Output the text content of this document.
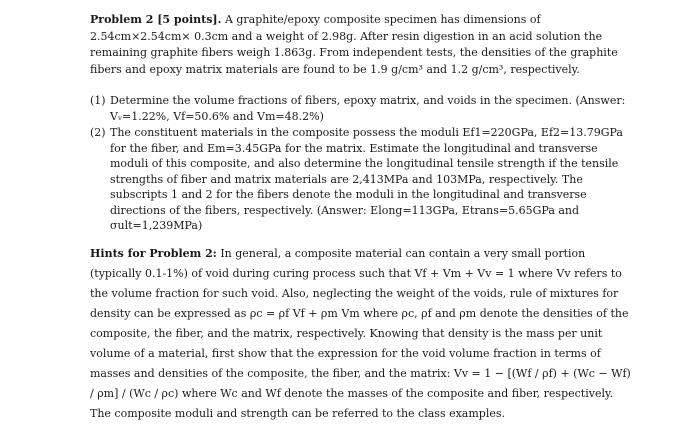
Problem 2 [5 points]. A graphite/epoxy composite specimen has dimensions of 2.54cm×2.54cm× 0.3cm and a weight of 2.98g. After resin digestion in an acid solution the remaining graphite fibers weigh 1.863g. From independent tests, the densities of the graphite fibers and epoxy matrix materials are found to be 1.9 g/cm³ and 1.2 g/cm³, respectively.

(1) Determine the volume fractions of fibers, epoxy matrix, and voids in the specimen. (Answer: Vᵥ=1.22%, Vf=50.6% and Vm=48.2%)
(2) The constituent materials in the composite possess the moduli Ef1=220GPa, Ef2=13.79GPa for the fiber, and Em=3.45GPa for the matrix. Estimate the longitudinal and transverse moduli of this composite, and also determine the longitudinal tensile strength if the tensile strengths of fiber and matrix materials are 2,413MPa and 103MPa, respectively. The subscripts 1 and 2 for the fibers denote the moduli in the longitudinal and transverse directions of the fibers, respectively. (Answer: Elong=113GPa, Etrans=5.65GPa and σult=1,239MPa)

Hints for Problem 2: In general, a composite material can contain a very small portion (typically 0.1-1%) of void during curing process such that Vf + Vm + Vv = 1 where Vv refers to the volume fraction for such void. Also, neglecting the weight of the voids, rule of mixtures for density can be expressed as ρc = ρf Vf + ρm Vm where ρc, ρf and ρm denote the densities of the composite, the fiber, and the matrix, respectively. Knowing that density is the mass per unit volume of a material, first show that the expression for the void volume fraction in terms of masses and densities of the composite, the fiber, and the matrix: Vv = 1 − [(Wf / ρf) + (Wc − Wf) / ρm] / (Wc / ρc) where Wc and Wf denote the masses of the composite and fiber, respectively. The composite moduli and strength can be referred to the class examples.
